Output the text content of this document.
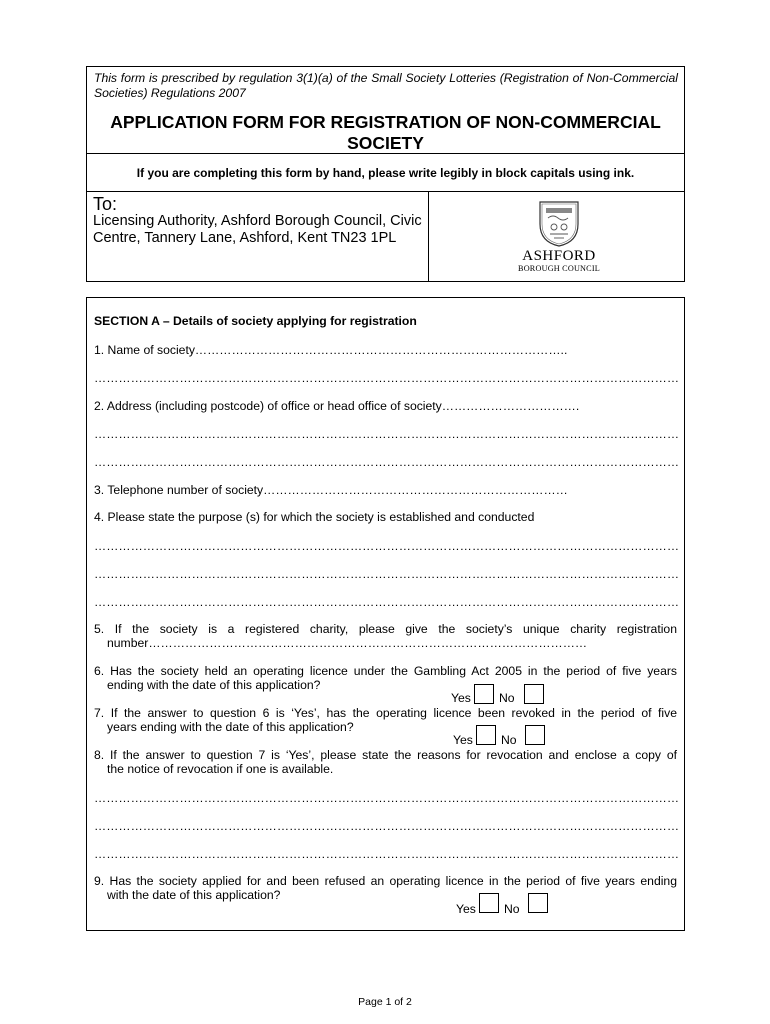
This form is prescribed by regulation 3(1)(a) of the Small Society Lotteries (Registration of Non-Commercial Societies) Regulations 2007
APPLICATION FORM FOR REGISTRATION OF NON-COMMERCIAL
SOCIETY
If you are completing this form by hand, please write legibly in block capitals using ink.
To:
Licensing Authority, Ashford Borough Council, Civic
Centre, Tannery Lane, Ashford, Kent TN23 1PL
ASHFORD
BOROUGH COUNCIL
SECTION A – Details of society applying for registration
1. Name of society………………………………………………………………………………..
………………………………………………………………………………………………………………………………
2. Address (including postcode) of office or head office of society…………………………….
………………………………………………………………………………………………………………………………
………………………………………………………………………………………………………………………………
3. Telephone number of society…………………………………………………………………
4. Please state the purpose (s) for which the society is established and conducted
………………………………………………………………………………………………………………………………
………………………………………………………………………………………………………………………………
………………………………………………………………………………………………………………………………
5. If the society is a registered charity, please give the society’s unique charity registration
number………………………………………………………………………………………………
6. Has the society held an operating licence under the Gambling Act 2005 in the period of five years
ending with the date of this application?
Yes No
7. If the answer to question 6 is ‘Yes’, has the operating licence been revoked in the period of five
years ending with the date of this application?
Yes No
8. If the answer to question 7 is ‘Yes’, please state the reasons for revocation and enclose a copy of
the notice of revocation if one is available.
………………………………………………………………………………………………………………………………
………………………………………………………………………………………………………………………………
………………………………………………………………………………………………………………………………
9. Has the society applied for and been refused an operating licence in the period of five years ending
with the date of this application?
Yes No
Page 1 of 2
